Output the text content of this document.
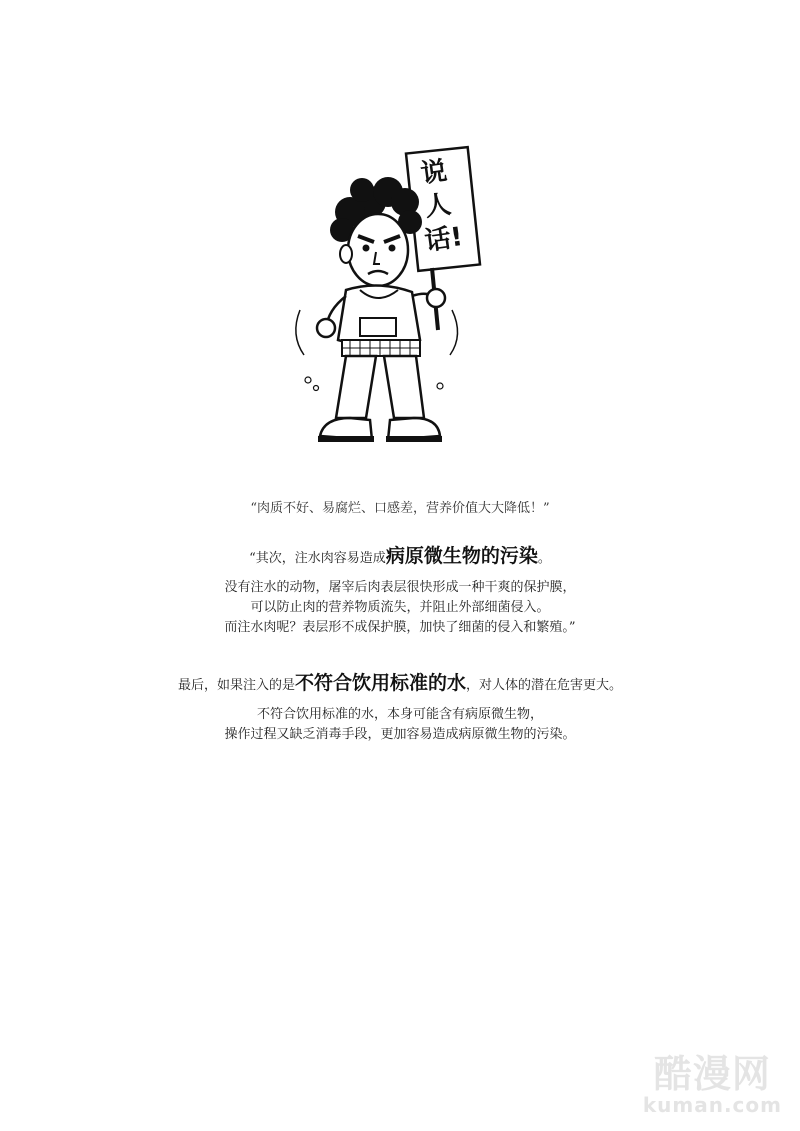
说
人
话!
“肉质不好、易腐烂、口感差，营养价值大大降低！”
“其次，注水肉容易造成病原微生物的污染。
没有注水的动物，屠宰后肉表层很快形成一种干爽的保护膜，
可以防止肉的营养物质流失，并阻止外部细菌侵入。
而注水肉呢？表层形不成保护膜，加快了细菌的侵入和繁殖。”
最后，如果注入的是不符合饮用标准的水，对人体的潜在危害更大。
不符合饮用标准的水，本身可能含有病原微生物，
操作过程又缺乏消毒手段，更加容易造成病原微生物的污染。
酷漫网
kuman.com
